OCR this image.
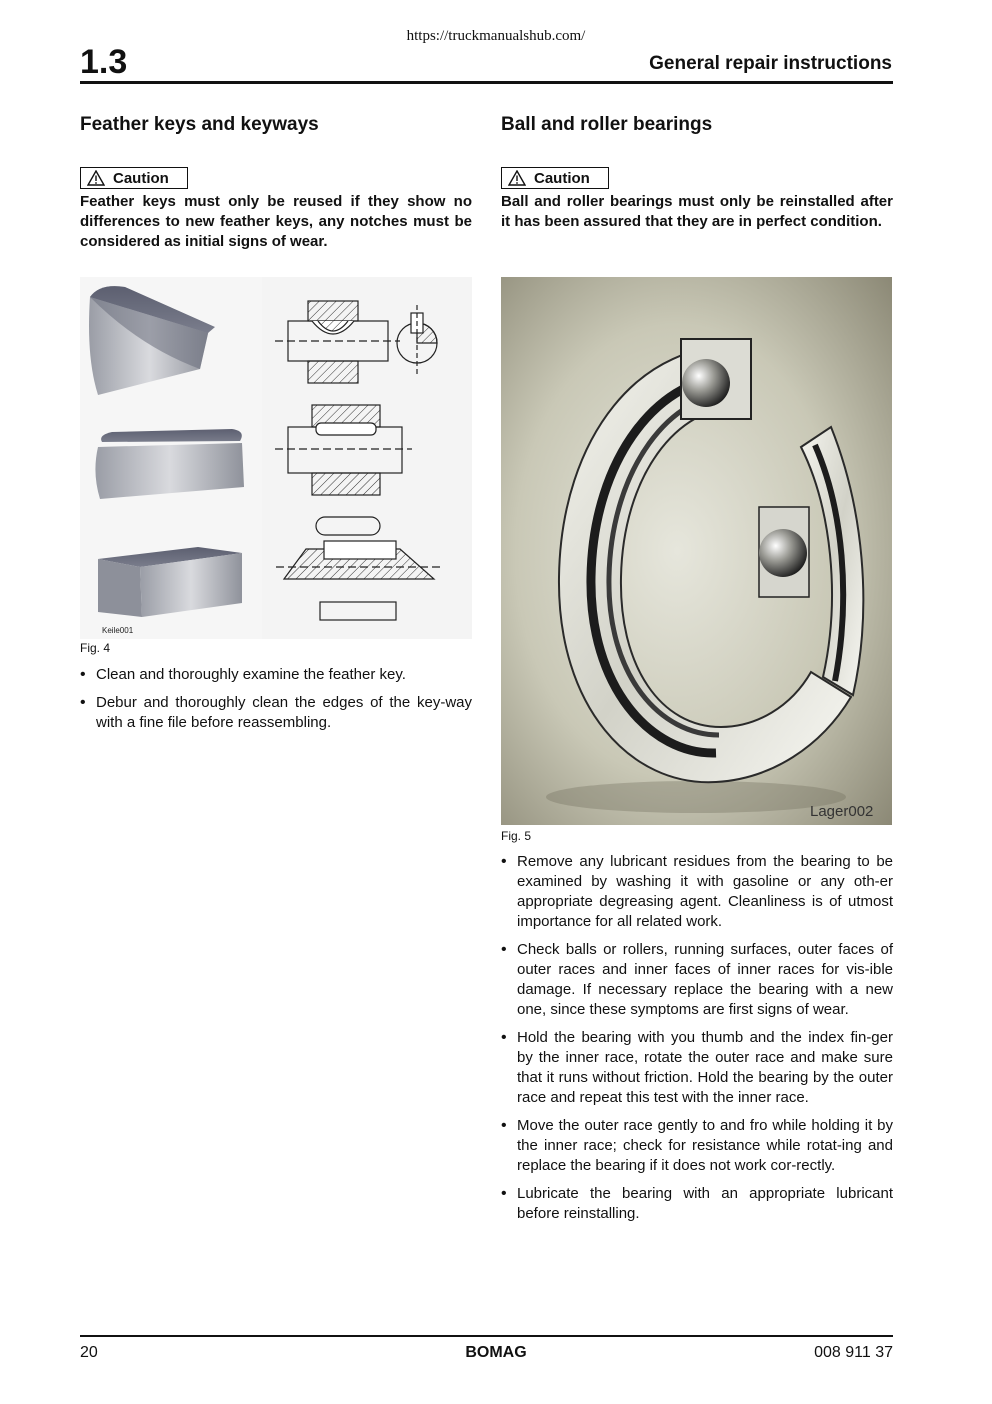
https://truckmanualshub.com/
1.3	General repair instructions
Feather keys and keyways
Caution

Feather keys must only be reused if they show no differences to new feather keys, any notches must be considered as initial signs of wear.

Keile001
Fig. 4
• Clean and thoroughly examine the feather key.
• Debur and thoroughly clean the edges of the key-way with a fine file before reassembling.
Ball and roller bearings
Caution

Ball and roller bearings must only be reinstalled after it has been assured that they are in perfect condition.

Lager002
Fig. 5
• Remove any lubricant residues from the bearing to be examined by washing it with gasoline or any oth-er appropriate degreasing agent. Cleanliness is of utmost importance for all related work.
• Check balls or rollers, running surfaces, outer faces of outer races and inner faces of inner races for vis-ible damage. If necessary replace the bearing with a new one, since these symptoms are first signs of wear.
• Hold the bearing with you thumb and the index fin-ger by the inner race, rotate the outer race and make sure that it runs without friction. Hold the bearing by the outer race and repeat this test with the inner race.
• Move the outer race gently to and fro while holding it by the inner race; check for resistance while rotat-ing and replace the bearing if it does not work cor-rectly.
• Lubricate the bearing with an appropriate lubricant before reinstalling.
20	BOMAG	008 911 37
